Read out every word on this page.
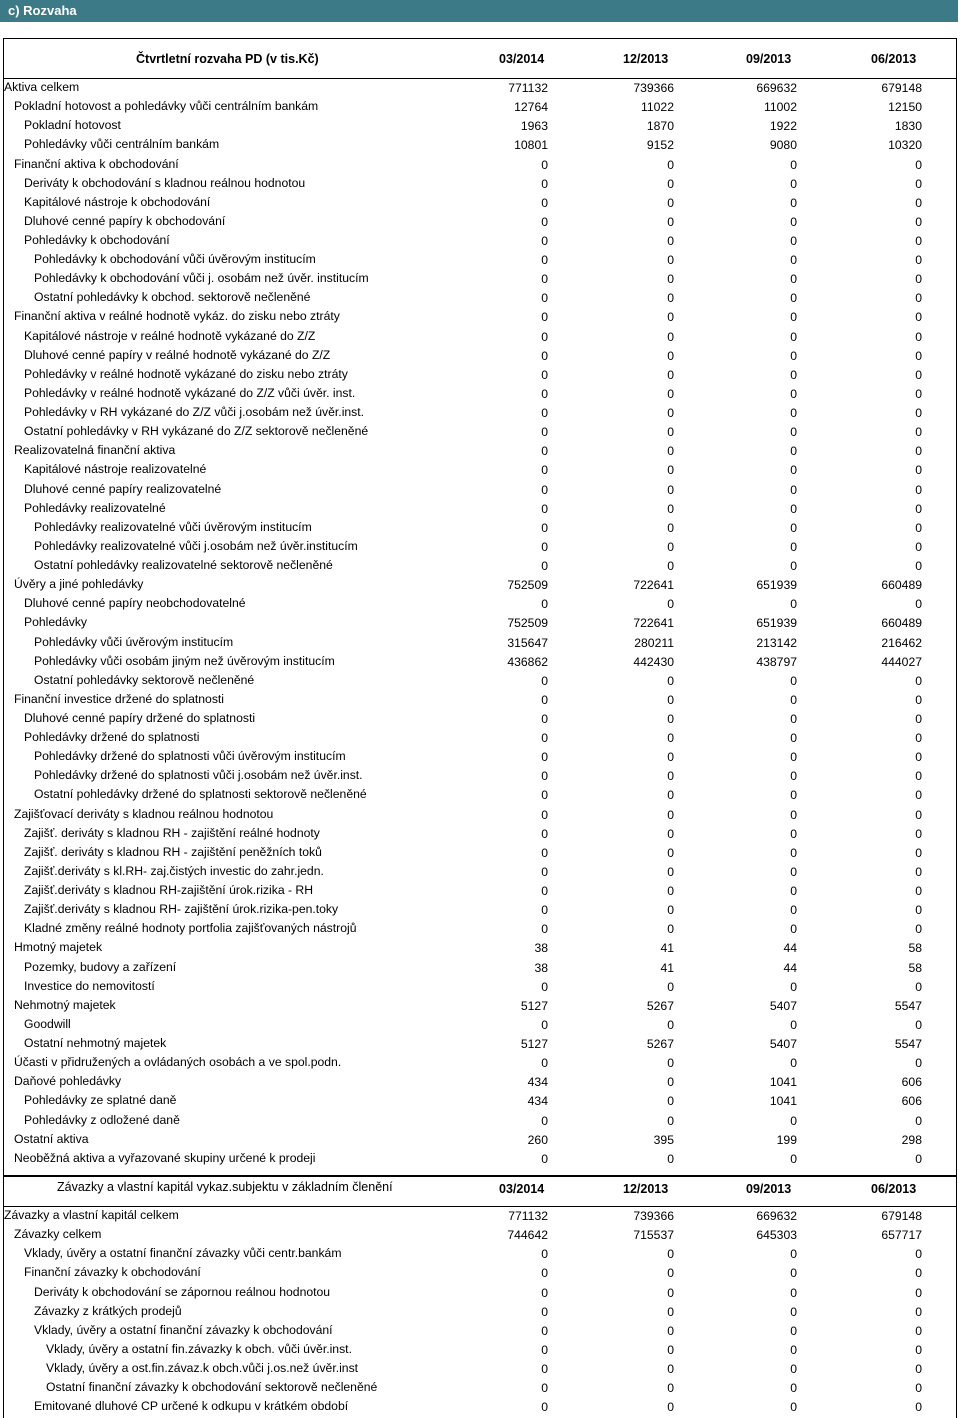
c) Rozvaha
Čtvrtletní rozvaha PD (v tis.Kč)	03/2014	12/2013	09/2013	06/2013
Aktiva celkem	771132	739366	669632	679148
Pokladní hotovost a pohledávky vůči centrálním bankám	12764	11022	11002	12150
Pokladní hotovost	1963	1870	1922	1830
Pohledávky vůči centrálním bankám	10801	9152	9080	10320
Finanční aktiva k obchodování	0	0	0	0
Deriváty k obchodování s kladnou reálnou hodnotou	0	0	0	0
Kapitálové nástroje k obchodování	0	0	0	0
Dluhové cenné papíry k obchodování	0	0	0	0
Pohledávky k obchodování	0	0	0	0
Pohledávky k obchodování vůči úvěrovým institucím	0	0	0	0
Pohledávky k obchodování vůči j. osobám než úvěr. institucím	0	0	0	0
Ostatní pohledávky k obchod. sektorově nečleněné	0	0	0	0
Finanční aktiva v reálné hodnotě vykáz. do zisku nebo ztráty	0	0	0	0
Kapitálové nástroje v reálné hodnotě vykázané do Z/Z	0	0	0	0
Dluhové cenné papíry v reálné hodnotě vykázané do Z/Z	0	0	0	0
Pohledávky v reálné hodnotě vykázané do zisku nebo ztráty	0	0	0	0
Pohledávky v reálné hodnotě vykázané do Z/Z vůči úvěr. inst.	0	0	0	0
Pohledávky v RH vykázané do Z/Z vůči j.osobám než úvěr.inst.	0	0	0	0
Ostatní pohledávky v RH vykázané do Z/Z sektorově nečleněné	0	0	0	0
Realizovatelná finanční aktiva	0	0	0	0
Kapitálové nástroje realizovatelné	0	0	0	0
Dluhové cenné papíry realizovatelné	0	0	0	0
Pohledávky realizovatelné	0	0	0	0
Pohledávky realizovatelné vůči úvěrovým institucím	0	0	0	0
Pohledávky realizovatelné vůči j.osobám než úvěr.institucím	0	0	0	0
Ostatní pohledávky realizovatelné sektorově nečleněné	0	0	0	0
Úvěry a jiné pohledávky	752509	722641	651939	660489
Dluhové cenné papíry neobchodovatelné	0	0	0	0
Pohledávky	752509	722641	651939	660489
Pohledávky vůči úvěrovým institucím	315647	280211	213142	216462
Pohledávky vůči osobám jiným než úvěrovým institucím	436862	442430	438797	444027
Ostatní pohledávky sektorově nečleněné	0	0	0	0
Finanční investice držené do splatnosti	0	0	0	0
Dluhové cenné papíry držené do splatnosti	0	0	0	0
Pohledávky držené do splatnosti	0	0	0	0
Pohledávky držené do splatnosti vůči úvěrovým institucím	0	0	0	0
Pohledávky držené do splatnosti vůči j.osobám než úvěr.inst.	0	0	0	0
Ostatní pohledávky držené do splatnosti sektorově nečleněné	0	0	0	0
Zajišťovací deriváty s kladnou reálnou hodnotou	0	0	0	0
Zajišť. deriváty s kladnou RH - zajištění reálné hodnoty	0	0	0	0
Zajišť. deriváty s kladnou RH - zajištění peněžních toků	0	0	0	0
Zajišť.deriváty s kl.RH- zaj.čistých investic do zahr.jedn.	0	0	0	0
Zajišť.deriváty s kladnou RH-zajištění úrok.rizika - RH	0	0	0	0
Zajišť.deriváty s kladnou RH- zajištění úrok.rizika-pen.toky	0	0	0	0
Kladné změny reálné hodnoty portfolia zajišťovaných nástrojů	0	0	0	0
Hmotný majetek	38	41	44	58
Pozemky, budovy a zařízení	38	41	44	58
Investice do nemovitostí	0	0	0	0
Nehmotný majetek	5127	5267	5407	5547
Goodwill	0	0	0	0
Ostatní nehmotný majetek	5127	5267	5407	5547
Účasti v přidružených a ovládaných osobách a ve spol.podn.	0	0	0	0
Daňové pohledávky	434	0	1041	606
Pohledávky ze splatné daně	434	0	1041	606
Pohledávky z odložené daně	0	0	0	0
Ostatní aktiva	260	395	199	298
Neoběžná aktiva a vyřazované skupiny určené k prodeji	0	0	0	0
Závazky a vlastní kapitál vykaz.subjektu v základním členění	03/2014	12/2013	09/2013	06/2013
Závazky a vlastní kapitál celkem	771132	739366	669632	679148
Závazky celkem	744642	715537	645303	657717
Vklady, úvěry a ostatní finanční závazky vůči centr.bankám	0	0	0	0
Finanční závazky k obchodování	0	0	0	0
Deriváty k obchodování se zápornou reálnou hodnotou	0	0	0	0
Závazky z krátkých prodejů	0	0	0	0
Vklady, úvěry a ostatní finanční závazky k obchodování	0	0	0	0
Vklady, úvěry a ostatní fin.závazky k obch. vůči úvěr.inst.	0	0	0	0
Vklady, úvěry a ost.fin.závaz.k obch.vůči j.os.než úvěr.inst	0	0	0	0
Ostatní finanční závazky k obchodování sektorově nečleněné	0	0	0	0
Emitované dluhové CP určené k odkupu v krátkém období	0	0	0	0
